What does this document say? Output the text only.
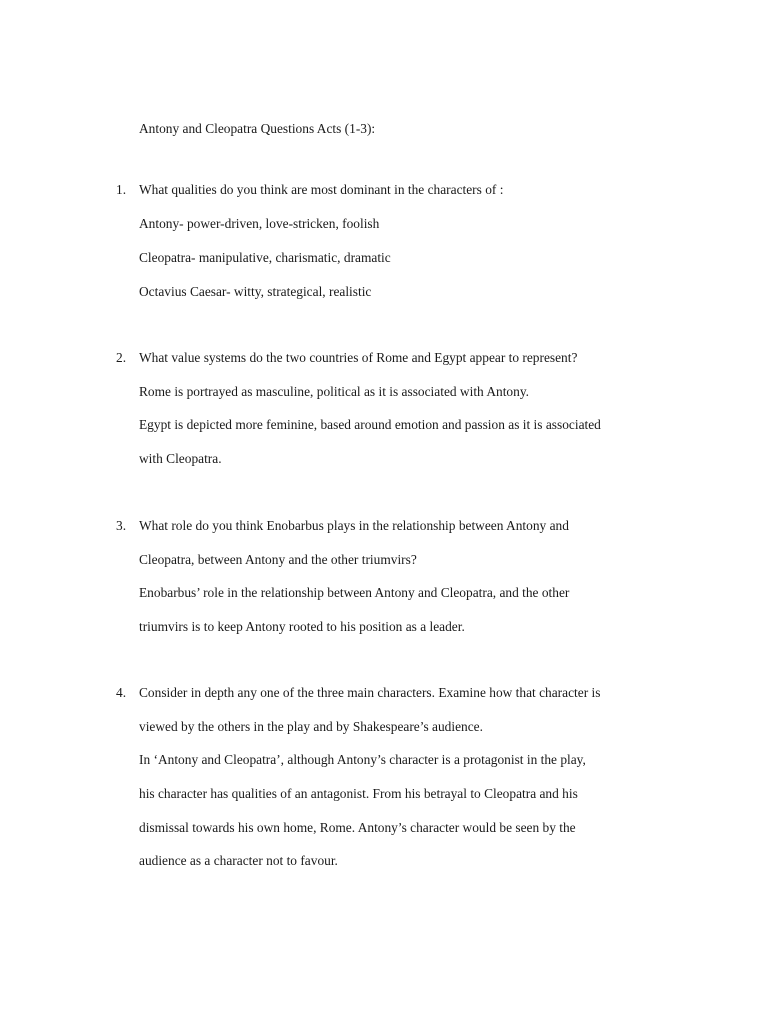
Antony and Cleopatra Questions Acts (1-3):
1. What qualities do you think are most dominant in the characters of :
Antony- power-driven, love-stricken, foolish
Cleopatra- manipulative, charismatic, dramatic
Octavius Caesar- witty, strategical, realistic
2. What value systems do the two countries of Rome and Egypt appear to represent?
Rome is portrayed as masculine, political as it is associated with Antony.
Egypt is depicted more feminine, based around emotion and passion as it is associated
with Cleopatra.
3. What role do you think Enobarbus plays in the relationship between Antony and
Cleopatra, between Antony and the other triumvirs?
Enobarbus’ role in the relationship between Antony and Cleopatra, and the other
triumvirs is to keep Antony rooted to his position as a leader.
4. Consider in depth any one of the three main characters. Examine how that character is
viewed by the others in the play and by Shakespeare’s audience.
In ‘Antony and Cleopatra’, although Antony’s character is a protagonist in the play,
his character has qualities of an antagonist. From his betrayal to Cleopatra and his
dismissal towards his own home, Rome. Antony’s character would be seen by the
audience as a character not to favour.
